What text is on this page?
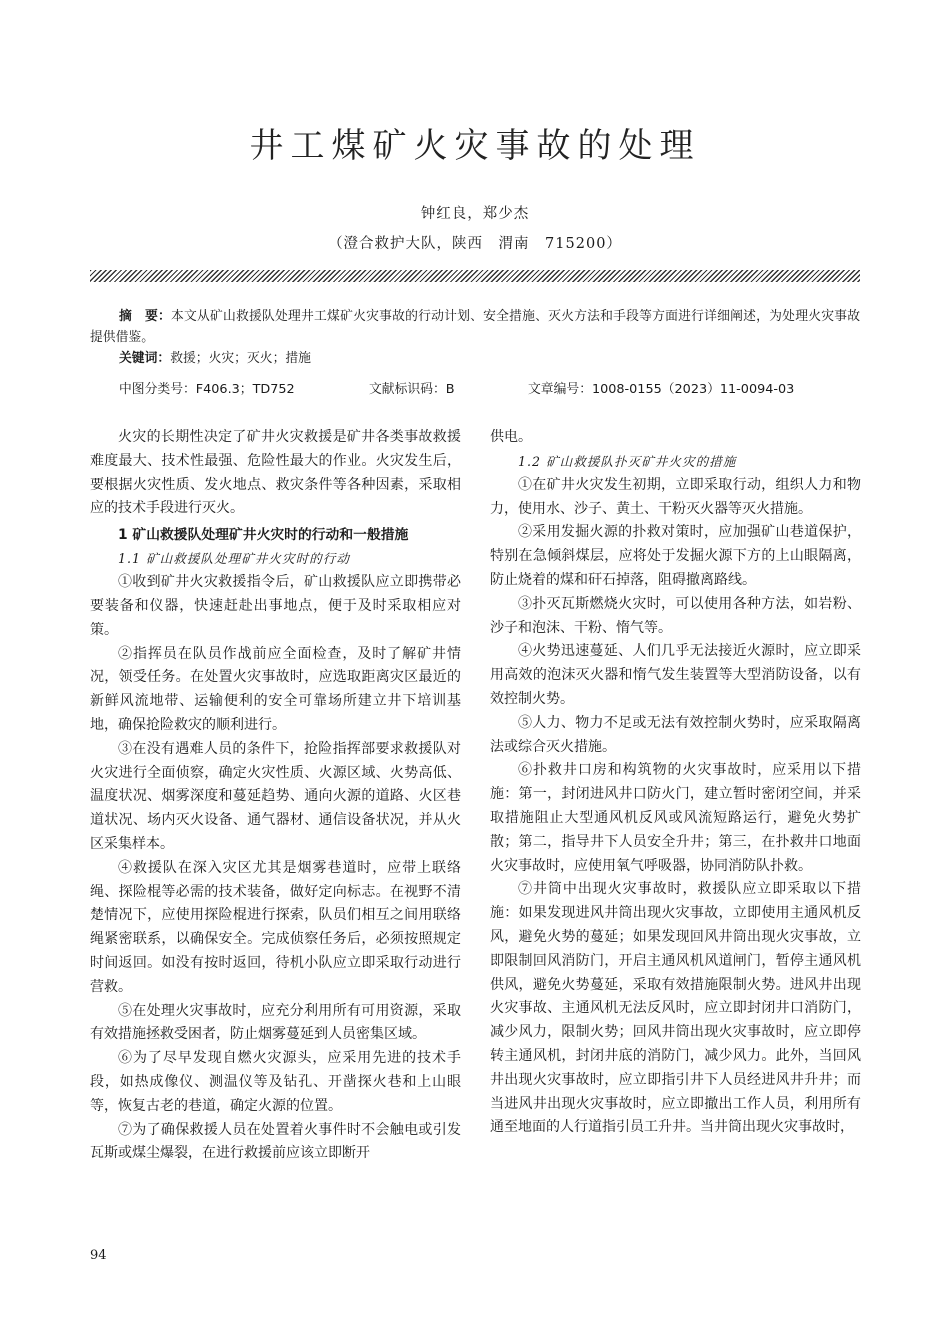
井工煤矿火灾事故的处理
钟红良，郑少杰
（澄合救护大队，陕西　渭南　715200）

摘　要：本文从矿山救援队处理井工煤矿火灾事故的行动计划、安全措施、灭火方法和手段等方面进行详细阐述，为处理火灾事故提供借鉴。

关键词：救援；火灾；灭火；措施

中图分类号：F406.3；TD752	文献标识码：B	文章编号：1008-0155（2023）11-0094-03

火灾的长期性决定了矿井火灾救援是矿井各类事故救援难度最大、技术性最强、危险性最大的作业。火灾发生后，要根据火灾性质、发火地点、救灾条件等各种因素，采取相应的技术手段进行灭火。

1 矿山救援队处理矿井火灾时的行动和一般措施
1.1 矿山救援队处理矿井火灾时的行动

①收到矿井火灾救援指令后，矿山救援队应立即携带必要装备和仪器，快速赶赴出事地点，便于及时采取相应对策。

②指挥员在队员作战前应全面检查，及时了解矿井情况，领受任务。在处置火灾事故时，应选取距离灾区最近的新鲜风流地带、运输便利的安全可靠场所建立井下培训基地，确保抢险救灾的顺利进行。

③在没有遇难人员的条件下，抢险指挥部要求救援队对火灾进行全面侦察，确定火灾性质、火源区域、火势高低、温度状况、烟雾深度和蔓延趋势、通向火源的道路、火区巷道状况、场内灭火设备、通气器材、通信设备状况，并从火区采集样本。

④救援队在深入灾区尤其是烟雾巷道时，应带上联络绳、探险棍等必需的技术装备，做好定向标志。在视野不清楚情况下，应使用探险棍进行探索，队员们相互之间用联络绳紧密联系，以确保安全。完成侦察任务后，必须按照规定时间返回。如没有按时返回，待机小队应立即采取行动进行营救。

⑤在处理火灾事故时，应充分利用所有可用资源，采取有效措施拯救受困者，防止烟雾蔓延到人员密集区域。

⑥为了尽早发现自燃火灾源头，应采用先进的技术手段，如热成像仪、测温仪等及钻孔、开凿探火巷和上山眼等，恢复古老的巷道，确定火源的位置。

⑦为了确保救援人员在处置着火事件时不会触电或引发瓦斯或煤尘爆裂，在进行救援前应该立即断开

供电。

1.2 矿山救援队扑灭矿井火灾的措施

①在矿井火灾发生初期，立即采取行动，组织人力和物力，使用水、沙子、黄土、干粉灭火器等灭火措施。

②采用发掘火源的扑救对策时，应加强矿山巷道保护，特别在急倾斜煤层，应将处于发掘火源下方的上山眼隔离，防止烧着的煤和矸石掉落，阻碍撤离路线。

③扑灭瓦斯燃烧火灾时，可以使用各种方法，如岩粉、沙子和泡沫、干粉、惰气等。

④火势迅速蔓延、人们几乎无法接近火源时，应立即采用高效的泡沫灭火器和惰气发生装置等大型消防设备，以有效控制火势。

⑤人力、物力不足或无法有效控制火势时，应采取隔离法或综合灭火措施。

⑥扑救井口房和构筑物的火灾事故时，应采用以下措施：第一，封闭进风井口防火门，建立暂时密闭空间，并采取措施阻止大型通风机反风或风流短路运行，避免火势扩散；第二，指导井下人员安全升井；第三，在扑救井口地面火灾事故时，应使用氧气呼吸器，协同消防队扑救。

⑦井筒中出现火灾事故时，救援队应立即采取以下措施：如果发现进风井筒出现火灾事故，立即使用主通风机反风，避免火势的蔓延；如果发现回风井筒出现火灾事故，立即限制回风消防门，开启主通风机风道闸门，暂停主通风机供风，避免火势蔓延，采取有效措施限制火势。进风井出现火灾事故、主通风机无法反风时，应立即封闭井口消防门，减少风力，限制火势；回风井筒出现火灾事故时，应立即停转主通风机，封闭井底的消防门，减少风力。此外，当回风井出现火灾事故时，应立即指引井下人员经进风井升井；而当进风井出现火灾事故时，应立即撤出工作人员，利用所有通至地面的人行道指引员工升井。当井筒出现火灾事故时，

94
